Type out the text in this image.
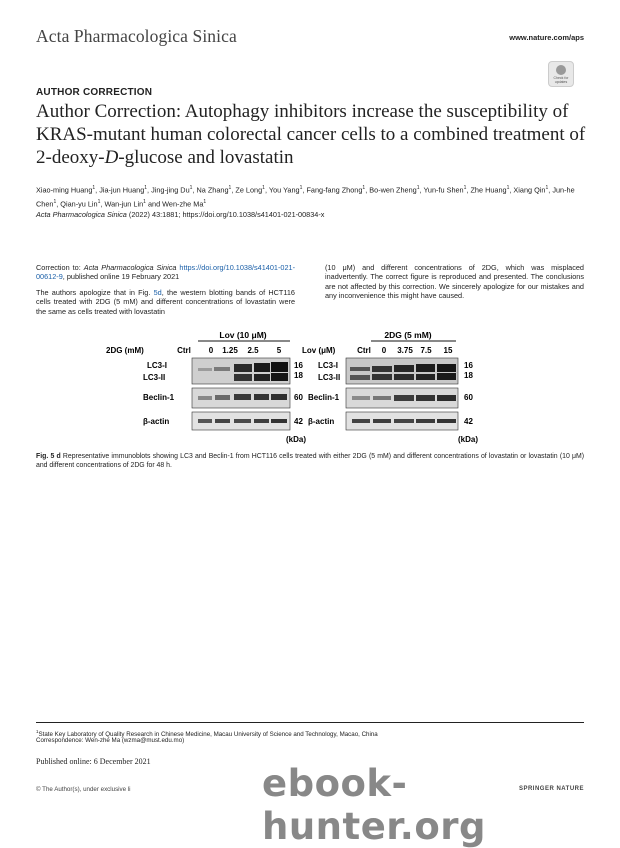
Acta Pharmacologica Sinica	www.nature.com/aps
Check for updates
AUTHOR CORRECTION
Author Correction: Autophagy inhibitors increase the susceptibility of KRAS-mutant human colorectal cancer cells to a combined treatment of 2-deoxy-D-glucose and lovastatin
Xiao-ming Huang$^1$, Jia-jun Huang$^1$, Jing-jing Du$^1$, Na Zhang$^1$, Ze Long$^1$, You Yang$^1$, Fang-fang Zhong$^1$, Bo-wen Zheng$^1$, Yun-fu Shen$^1$, Zhe Huang$^1$, Xiang Qin$^1$, Jun-he Chen$^1$, Qian-yu Lin$^1$, Wan-jun Lin$^1$ and Wen-zhe Ma$^1$
Acta Pharmacologica Sinica (2022) 43:1881; https://doi.org/10.1038/s41401-021-00834-x
Correction to: Acta Pharmacologica Sinica https://doi.org/10.1038/s41401-021-00612-9, published online 19 February 2021
The authors apologize that in Fig. 5d, the western blotting bands of HCT116 cells treated with 2DG (5 mM) and different concentrations of lovastatin were the same as cells treated with lovastatin
(10 μM) and different concentrations of 2DG, which was misplaced inadvertently. The correct figure is reproduced and presented. The conclusions are not affected by this correction. We sincerely apologize for our mistakes and any inconvenience this might have caused.
Lov (10 μM)
2DG (mM)	Ctrl 0 1.25 2.5 5
LC3-I
LC3-II
Beclin-1
β-actin
16
18
60
42
(kDa)
2DG (5 mM)
Lov (μM)	Ctrl 0 3.75 7.5 15
LC3-I
LC3-II
Beclin-1
β-actin
16
18
60
42
(kDa)
Fig. 5 d Representative immunoblots showing LC3 and Beclin-1 from HCT116 cells treated with either 2DG (5 mM) and different concentrations of lovastatin or lovastatin (10 μM) and different concentrations of 2DG for 48 h.
$^1$State Key Laboratory of Quality Research in Chinese Medicine, Macau University of Science and Technology, Macao, China
Correspondence: Wen-zhe Ma (wzma@must.edu.mo)
Published online: 6 December 2021
© The Author(s), under exclusive li	SPRINGER NATURE
ebook-hunter.org
